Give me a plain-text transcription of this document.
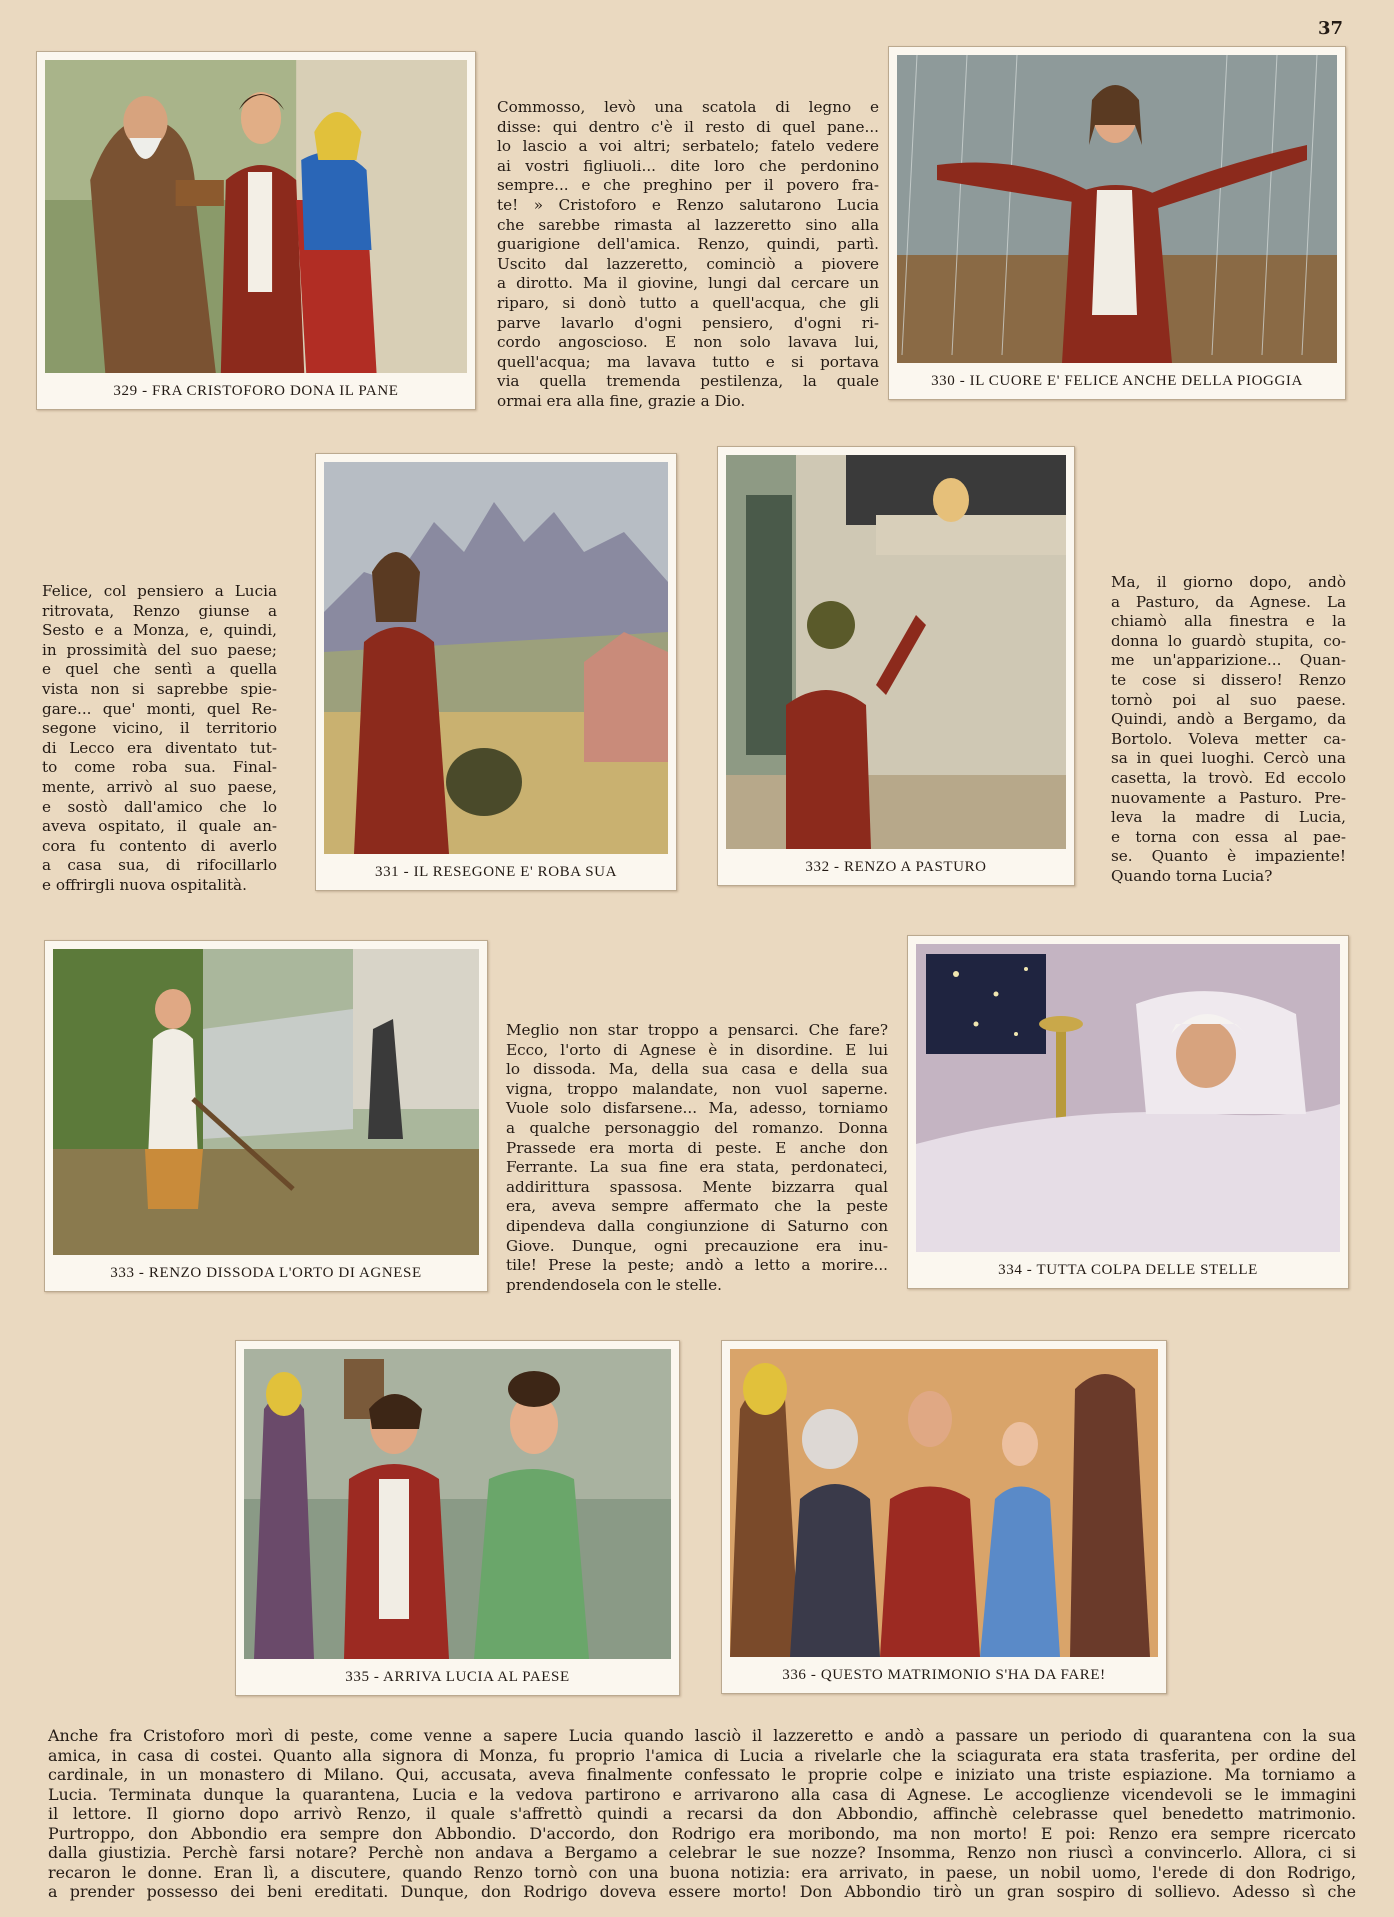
37
329 - FRA CRISTOFORO DONA IL PANE
Commosso, levò una scatola di legno e
disse: qui dentro c'è il resto di quel pane...
lo lascio a voi altri; serbatelo; fatelo vedere
ai vostri figliuoli... dite loro che perdonino
sempre... e che preghino per il povero fra-
te! » Cristoforo e Renzo salutarono Lucia
che sarebbe rimasta al lazzeretto sino alla
guarigione dell'amica. Renzo, quindi, partì.
Uscito dal lazzeretto, cominciò a piovere
a dirotto. Ma il giovine, lungi dal cercare un
riparo, si donò tutto a quell'acqua, che gli
parve lavarlo d'ogni pensiero, d'ogni ri-
cordo angoscioso. E non solo lavava lui,
quell'acqua; ma lavava tutto e si portava
via quella tremenda pestilenza, la quale
ormai era alla fine, grazie a Dio.
330 - IL CUORE E' FELICE ANCHE DELLA PIOGGIA
Felice, col pensiero a Lucia
ritrovata, Renzo giunse a
Sesto e a Monza, e, quindi,
in prossimità del suo paese;
e quel che sentì a quella
vista non si saprebbe spie-
gare... que' monti, quel Re-
segone vicino, il territorio
di Lecco era diventato tut-
to come roba sua. Final-
mente, arrivò al suo paese,
e sostò dall'amico che lo
aveva ospitato, il quale an-
cora fu contento di averlo
a casa sua, di rifocillarlo
e offrirgli nuova ospitalità.
331 - IL RESEGONE E' ROBA SUA	332 - RENZO A PASTURO
Ma, il giorno dopo, andò
a Pasturo, da Agnese. La
chiamò alla finestra e la
donna lo guardò stupita, co-
me un'apparizione... Quan-
te cose si dissero! Renzo
tornò poi al suo paese.
Quindi, andò a Bergamo, da
Bortolo. Voleva metter ca-
sa in quei luoghi. Cercò una
casetta, la trovò. Ed eccolo
nuovamente a Pasturo. Pre-
leva la madre di Lucia,
e torna con essa al pae-
se. Quanto è impaziente!
Quando torna Lucia?
333 - RENZO DISSODA L'ORTO DI AGNESE
Meglio non star troppo a pensarci. Che fare?
Ecco, l'orto di Agnese è in disordine. E lui
lo dissoda. Ma, della sua casa e della sua
vigna, troppo malandate, non vuol saperne.
Vuole solo disfarsene... Ma, adesso, torniamo
a qualche personaggio del romanzo. Donna
Prassede era morta di peste. E anche don
Ferrante. La sua fine era stata, perdonateci,
addirittura spassosa. Mente bizzarra qual
era, aveva sempre affermato che la peste
dipendeva dalla congiunzione di Saturno con
Giove. Dunque, ogni precauzione era inu-
tile! Prese la peste; andò a letto a morire...
prendendosela con le stelle.
334 - TUTTA COLPA DELLE STELLE
335 - ARRIVA LUCIA AL PAESE	336 - QUESTO MATRIMONIO S'HA DA FARE!
Anche fra Cristoforo morì di peste, come venne a sapere Lucia quando lasciò il lazzeretto e andò a passare un periodo di quarantena con la sua
amica, in casa di costei. Quanto alla signora di Monza, fu proprio l'amica di Lucia a rivelarle che la sciagurata era stata trasferita, per ordine del
cardinale, in un monastero di Milano. Qui, accusata, aveva finalmente confessato le proprie colpe e iniziato una triste espiazione. Ma torniamo a
Lucia. Terminata dunque la quarantena, Lucia e la vedova partirono e arrivarono alla casa di Agnese. Le accoglienze vicendevoli se le immagini
il lettore. Il giorno dopo arrivò Renzo, il quale s'affrettò quindi a recarsi da don Abbondio, affinchè celebrasse quel benedetto matrimonio.
Purtroppo, don Abbondio era sempre don Abbondio. D'accordo, don Rodrigo era moribondo, ma non morto! E poi: Renzo era sempre ricercato
dalla giustizia. Perchè farsi notare? Perchè non andava a Bergamo a celebrar le sue nozze? Insomma, Renzo non riuscì a convincerlo. Allora, ci si
recaron le donne. Eran lì, a discutere, quando Renzo tornò con una buona notizia: era arrivato, in paese, un nobil uomo, l'erede di don Rodrigo,
a prender possesso dei beni ereditati. Dunque, don Rodrigo doveva essere morto! Don Abbondio tirò un gran sospiro di sollievo. Adesso sì che
